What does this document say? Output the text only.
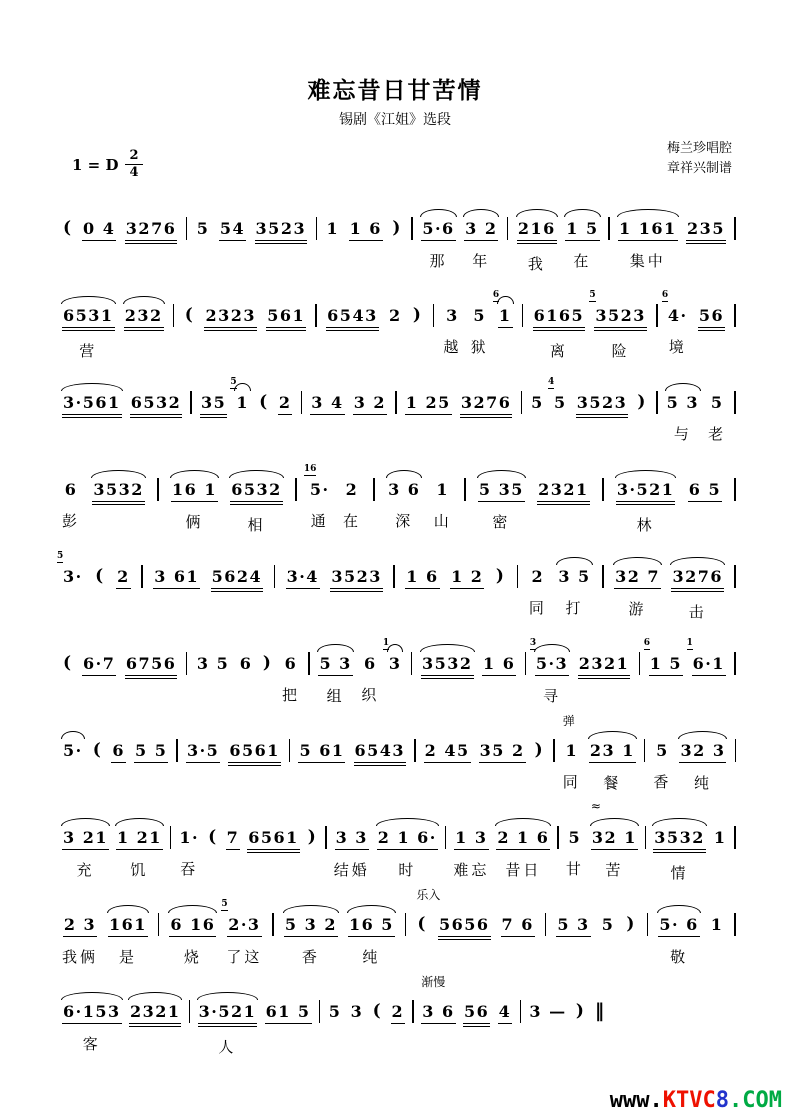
难忘昔日甘苦情
锡剧《江姐》选段
1 = D $\frac{2}{4}$
梅兰珍唱腔
章祥兴制谱
( 0 4 3276 5 54 3523 1 1 6 ) 5·6
那
3 2
年
216
我
1 5
在
1 161
集中
235
6531
营
232 ( 2323 561 6543 2 ) 3
越
5
狱
6
1 6165
离
5
3523
险
6
4·
境
56
3·561 6532 35
5
1 ( 2 3 4 3 2 1 25 3276 5
4
5 3523 ) 5 3
与
5
老
6
彭
3532 16 1
俩
6532
相
16
5·
通
2
在
3 6
深
1
山
5 35
密
2321 3·521
林
6 5
5
3· ( 2 3 61 5624 3·4 3523 1 6 1 2 ) 2
同
3 5
打
32 7
游
3276
击
( 6·7 6756 3 5 6 ) 6
把
5 3
组
6
织
1
3 3532 1 6
3
5·3
寻
2321
6
1 5
1
6·1
5· ( 6 5 5 3·5 6561 5 61 6543 2 45 35 2 )
弹
1
同
23 1
餐
5
香
32 3
纯
3 21
充
1 21
饥
1·
吞
( 7 6561 ) 3 3
结婚
2 1 6·
时
1 3
难忘
2 1 6
昔日
5
甘
≈
32 1
苦
3532
情
1
2 3
我俩
161
是
6 16
烧
5
2·3
了这
5 3 2
香
16 5
纯
乐入
( 5656 7 6 5 3 5 ) 5· 6
敬
1
6·153
客
2321 3·521
人
61 5 5 3 ( 2
渐慢
3 6 56 4 3 — ) ‖
www.KTVC8.COM
